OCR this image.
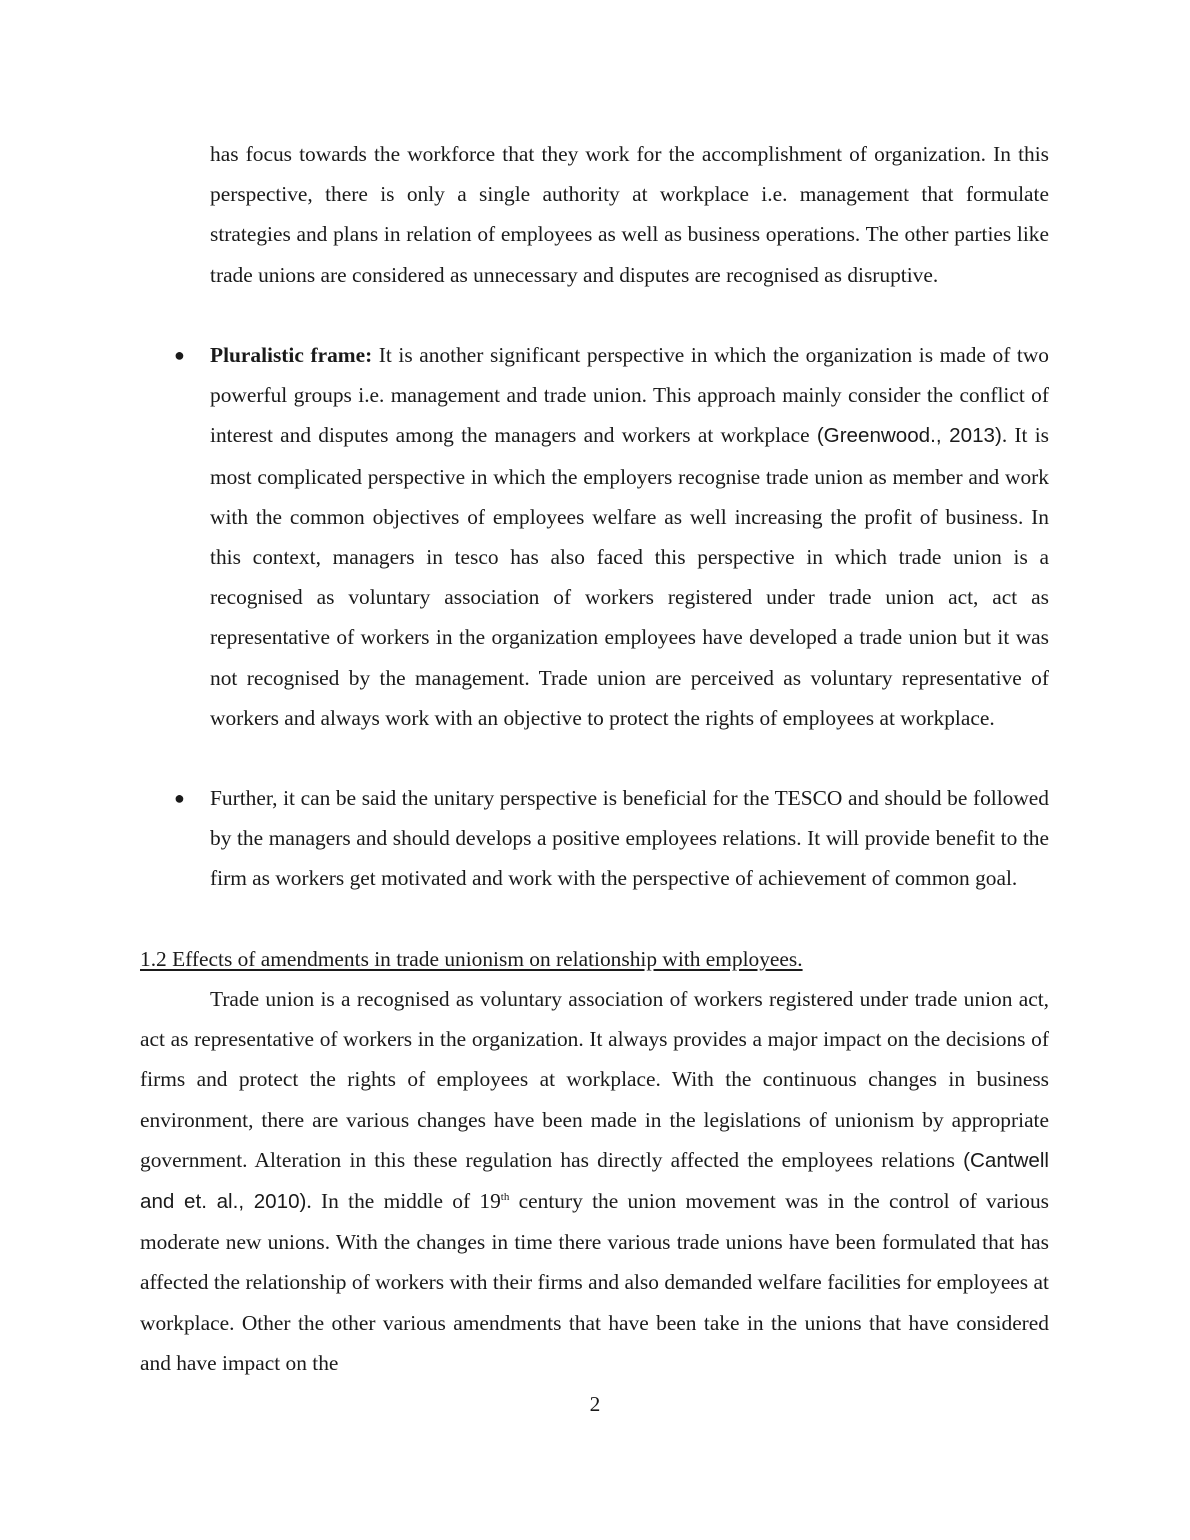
has focus towards the workforce that they work for the accomplishment of organization. In this perspective, there is only a single authority at workplace i.e. management that formulate strategies and plans in relation of employees as well as business operations. The other parties like trade unions are considered as unnecessary and disputes are recognised as disruptive.

● Pluralistic frame: It is another significant perspective in which the organization is made of two powerful groups i.e. management and trade union. This approach mainly consider the conflict of interest and disputes among the managers and workers at workplace (Greenwood., 2013). It is most complicated perspective in which the employers recognise trade union as member and work with the common objectives of employees welfare as well increasing the profit of business. In this context, managers in tesco has also faced this perspective in which trade union is a recognised as voluntary association of workers registered under trade union act, act as representative of workers in the organization employees have developed a trade union but it was not recognised by the management. Trade union are perceived as voluntary representative of workers and always work with an objective to protect the rights of employees at workplace.

● Further, it can be said the unitary perspective is beneficial for the TESCO and should be followed by the managers and should develops a positive employees relations. It will provide benefit to the firm as workers get motivated and work with the perspective of achievement of common goal.

1.2 Effects of amendments in trade unionism on relationship with employees.

Trade union is a recognised as voluntary association of workers registered under trade union act, act as representative of workers in the organization. It always provides a major impact on the decisions of firms and protect the rights of employees at workplace. With the continuous changes in business environment, there are various changes have been made in the legislations of unionism by appropriate government. Alteration in this these regulation has directly affected the employees relations (Cantwell and et. al., 2010). In the middle of 19th century the union movement was in the control of various moderate new unions. With the changes in time there various trade unions have been formulated that has affected the relationship of workers with their firms and also demanded welfare facilities for employees at workplace. Other the other various amendments that have been take in the unions that have considered and have impact on the

2
